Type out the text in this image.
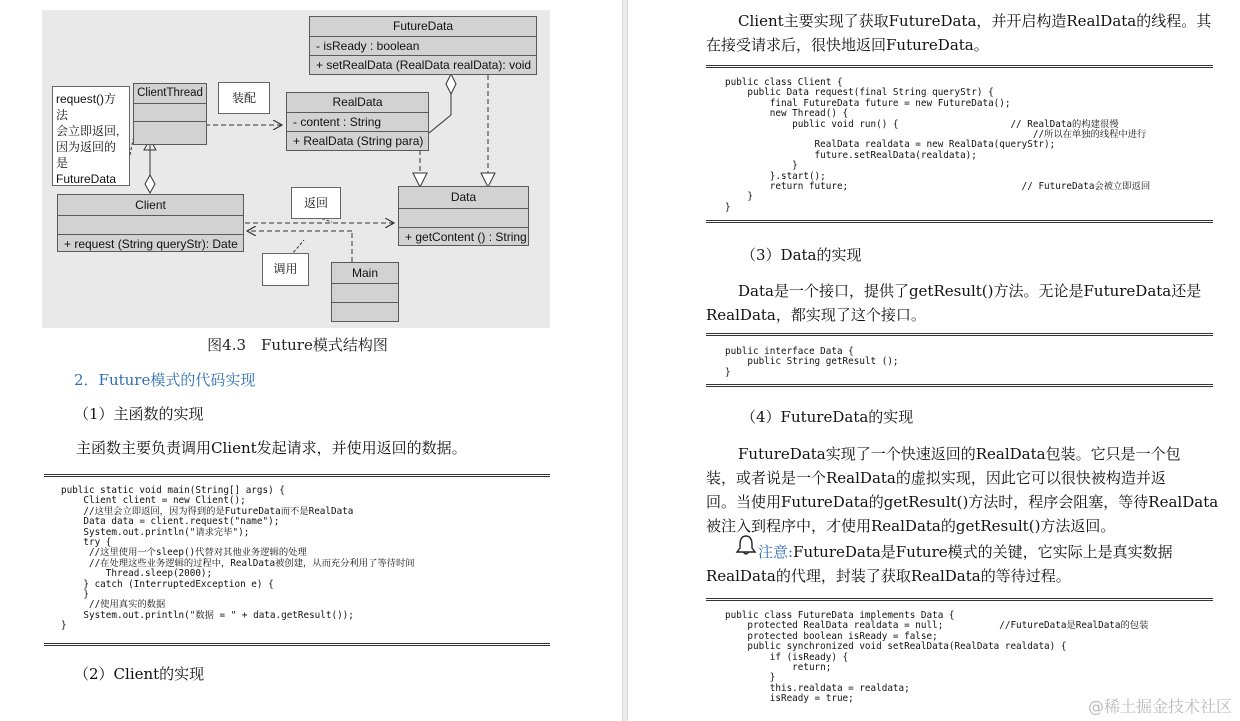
FutureData
- isReady : boolean
+ setRealData (RealData realData): void
RealData
- content : String
+ RealData (String para)
ClientThread
Data
+ getContent () : String
Client
+ request (String queryStr): Date
Main
装配
返回
调用
request()方法
会立即返回,
因为返回的是
FutureData
图4.3　Future模式结构图
2．Future模式的代码实现
（1）主函数的实现
主函数主要负责调用Client发起请求，并使用返回的数据。
public static void main(String[] args) {
Client client = new Client();
//这里会立即返回，因为得到的是FutureData而不是RealData
Data data = client.request("name");
System.out.println("请求完毕");
try {
//这里使用一个sleep()代替对其他业务逻辑的处理
//在处理这些业务逻辑的过程中，RealData被创建，从而充分利用了等待时间
Thread.sleep(2000);
} catch (InterruptedException e) {
}
//使用真实的数据
System.out.println("数据 = " + data.getResult());
}
（2）Client的实现
Client主要实现了获取FutureData，并开启构造RealData的线程。其
在接受请求后，很快地返回FutureData。
public class Client {
public Data request(final String queryStr) {
final FutureData future = new FutureData();
new Thread() {
public void run() {                    // RealData的构建很慢
//所以在单独的线程中进行
RealData realdata = new RealData(queryStr);
future.setRealData(realdata);
}
}.start();
return future;                               // FutureData会被立即返回
}
}
（3）Data的实现
Data是一个接口，提供了getResult()方法。无论是FutureData还是
RealData，都实现了这个接口。
public interface Data {
public String getResult ();
}
（4）FutureData的实现
FutureData实现了一个快速返回的RealData包装。它只是一个包
装，或者说是一个RealData的虚拟实现，因此它可以很快被构造并返
回。当使用FutureData的getResult()方法时，程序会阻塞，等待RealData
被注入到程序中，才使用RealData的getResult()方法返回。
注意:FutureData是Future模式的关键，它实际上是真实数据
RealData的代理，封装了获取RealData的等待过程。
public class FutureData implements Data {
protected RealData realdata = null;          //FutureData是RealData的包装
protected boolean isReady = false;
public synchronized void setRealData(RealData realdata) {
if (isReady) {
return;
}
this.realdata = realdata;
isReady = true;	@稀土掘金技术社区
